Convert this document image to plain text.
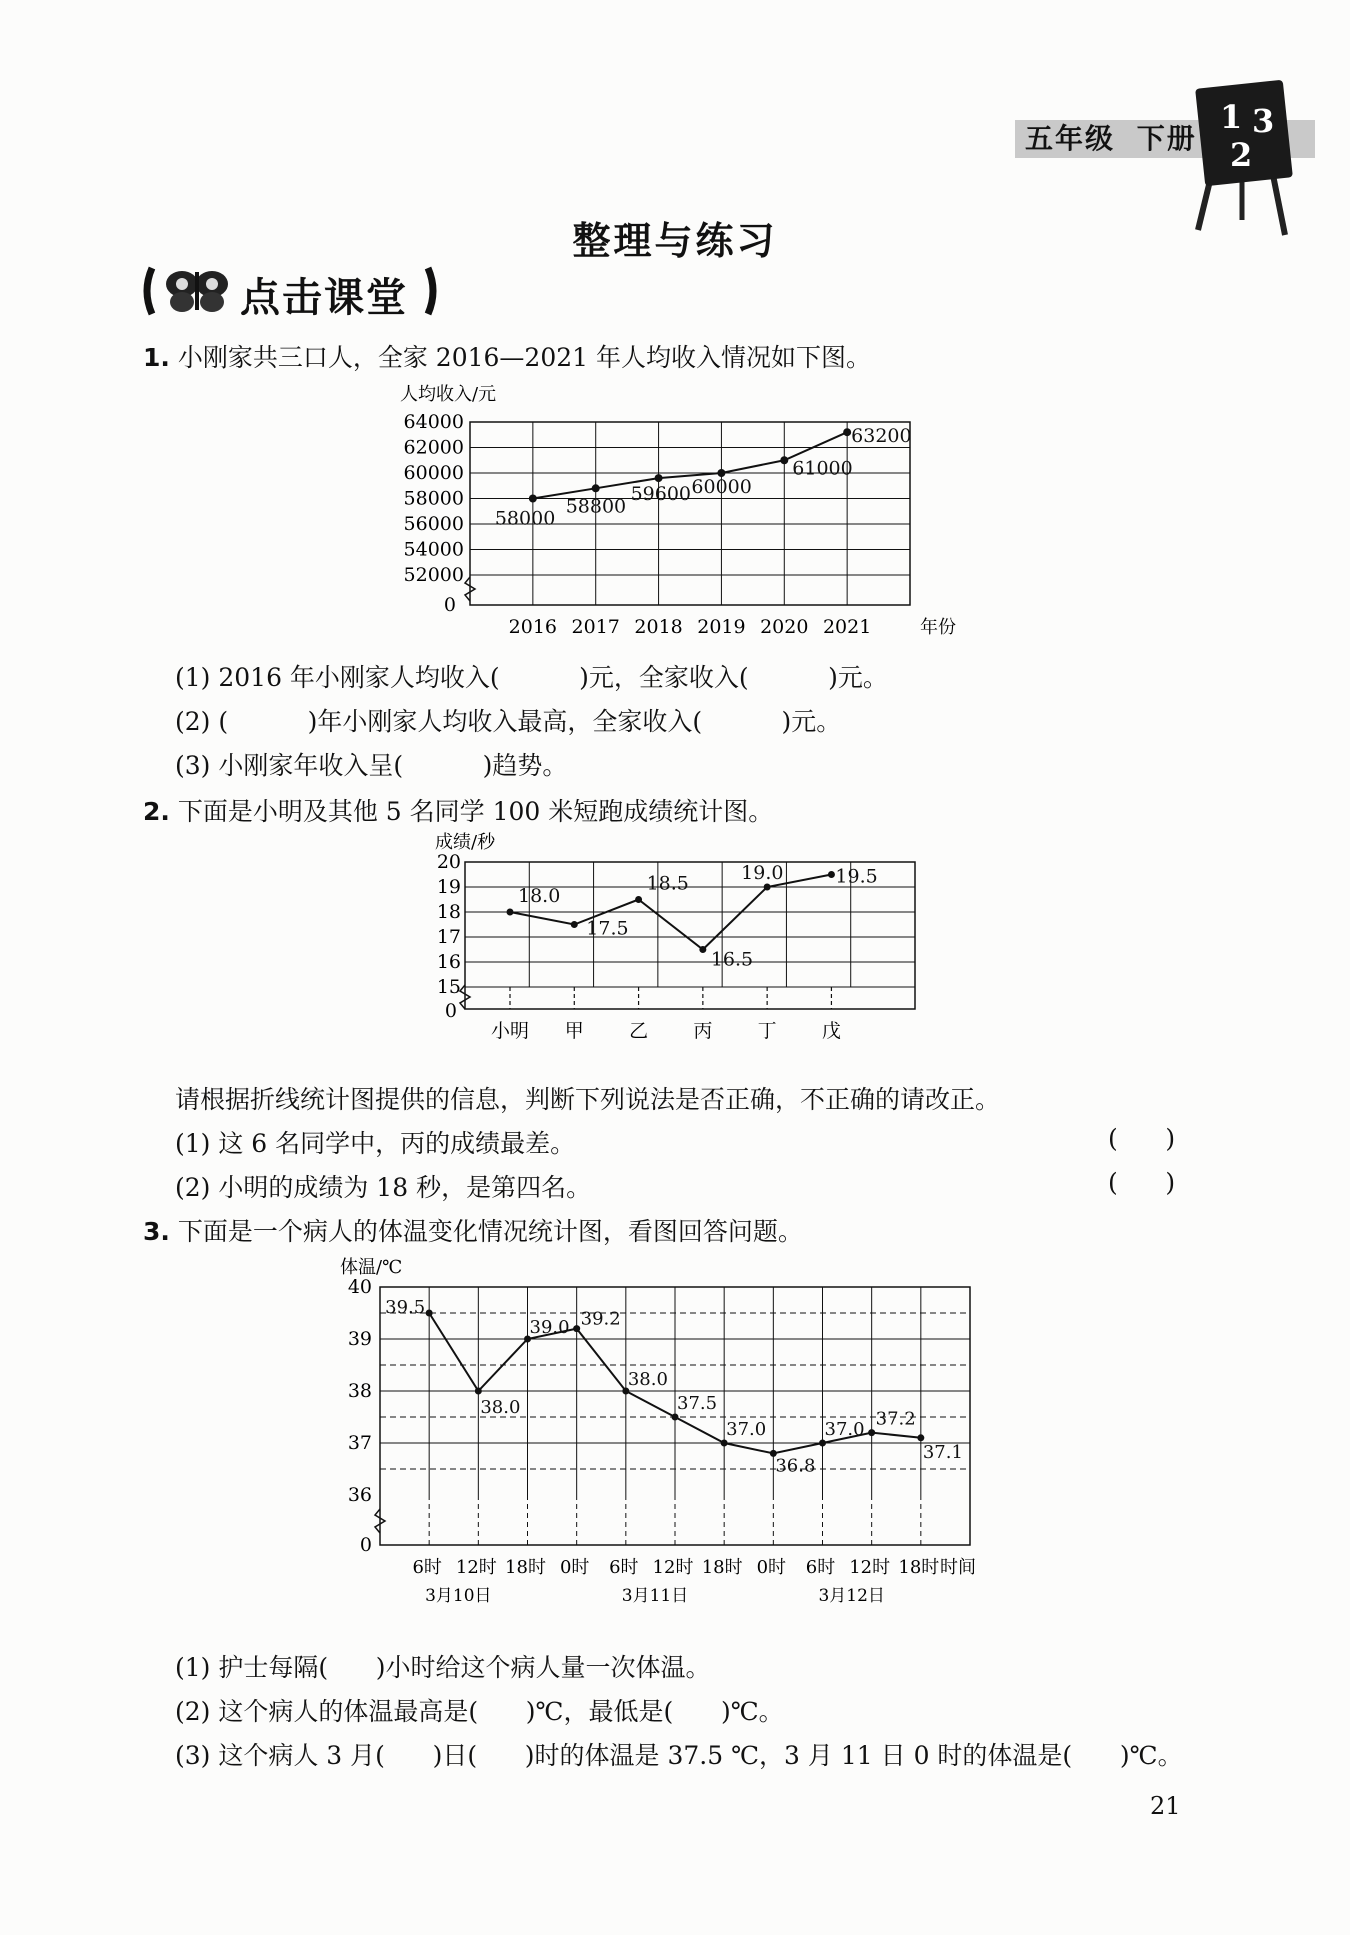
五年级 下册
1 3
2
整理与练习
点击课堂
1. 小刚家共三口人，全家 2016—2021 年人均收入情况如下图。
人均收入/元
52000
54000
56000
58000
60000
62000
64000
0
2016 2017 2018 2019 2020 2021	年份
58000
58800
59600 60000
61000
63200
(1) 2016 年小刚家人均收入(          )元，全家收入(          )元。
(2) (          )年小刚家人均收入最高，全家收入(          )元。
(3) 小刚家年收入呈(          )趋势。
2. 下面是小明及其他 5 名同学 100 米短跑成绩统计图。
成绩/秒
15
16
17
18
19
20
0
小明 甲 乙 丙 丁 戊
18.0
17.5
18.5
16.5
19.0	19.5
请根据折线统计图提供的信息，判断下列说法是否正确，不正确的请改正。
(1) 这 6 名同学中，丙的成绩最差。	(      )
(2) 小明的成绩为 18 秒，是第四名。	(      )
3. 下面是一个病人的体温变化情况统计图，看图回答问题。
体温/℃
36
37
38
39
40
0
6时 12时 18时 0时 6时 12时 18时 0时 6时 12时 18时 时间
3月10日	3月11日	3月12日
39.5
38.0
39.0 39.2
38.0
37.5
37.0
36.8
37.0 37.2
37.1
(1) 护士每隔(      )小时给这个病人量一次体温。
(2) 这个病人的体温最高是(      )℃，最低是(      )℃。
(3) 这个病人 3 月(      )日(      )时的体温是 37.5 ℃，3 月 11 日 0 时的体温是(      )℃。
21
